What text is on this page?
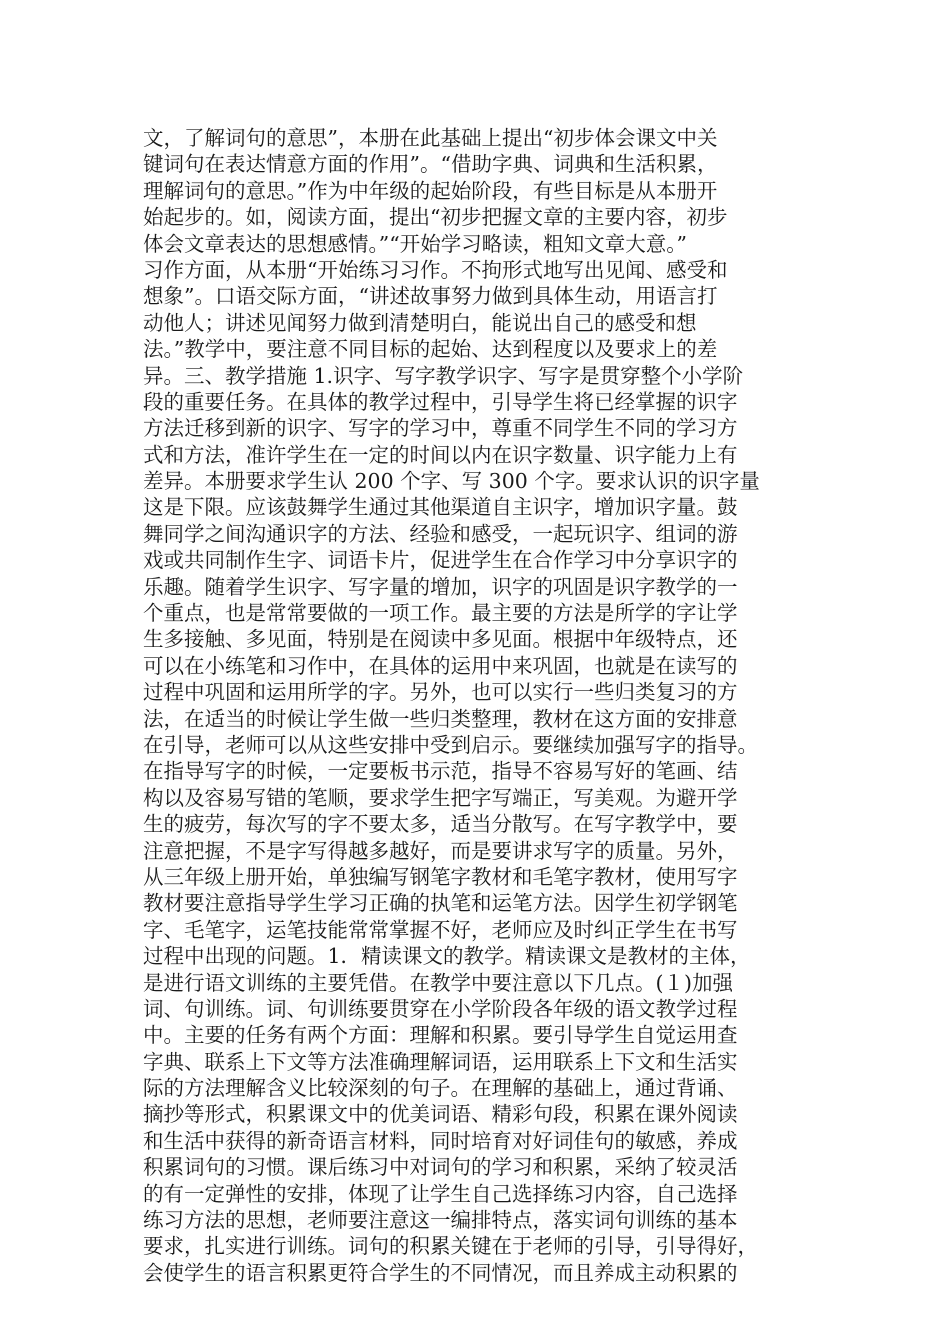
文，了解词句的意思”，本册在此基础上提出“初步体会课文中关
键词句在表达情意方面的作用”。“借助字典、词典和生活积累，
理解词句的意思。”作为中年级的起始阶段，有些目标是从本册开
始起步的。如，阅读方面，提出“初步把握文章的主要内容，初步
体会文章表达的思想感情。”“开始学习略读，粗知文章大意。”
习作方面，从本册“开始练习习作。不拘形式地写出见闻、感受和
想象”。口语交际方面，“讲述故事努力做到具体生动，用语言打
动他人；讲述见闻努力做到清楚明白，能说出自己的感受和想
法。”教学中，要注意不同目标的起始、达到程度以及要求上的差
异。三、教学措施 1.识字、写字教学识字、写字是贯穿整个小学阶
段的重要任务。在具体的教学过程中，引导学生将已经掌握的识字
方法迁移到新的识字、写字的学习中，尊重不同学生不同的学习方
式和方法，准许学生在一定的时间以内在识字数量、识字能力上有
差异。本册要求学生认 200 个字、写 300 个字。要求认识的识字量
这是下限。应该鼓舞学生通过其他渠道自主识字，增加识字量。鼓
舞同学之间沟通识字的方法、经验和感受，一起玩识字、组词的游
戏或共同制作生字、词语卡片，促进学生在合作学习中分享识字的
乐趣。随着学生识字、写字量的增加，识字的巩固是识字教学的一
个重点，也是常常要做的一项工作。最主要的方法是所学的字让学
生多接触、多见面，特别是在阅读中多见面。根据中年级特点，还
可以在小练笔和习作中，在具体的运用中来巩固，也就是在读写的
过程中巩固和运用所学的字。另外，也可以实行一些归类复习的方
法，在适当的时候让学生做一些归类整理，教材在这方面的安排意
在引导，老师可以从这些安排中受到启示。要继续加强写字的指导。
在指导写字的时候，一定要板书示范，指导不容易写好的笔画、结
构以及容易写错的笔顺，要求学生把字写端正，写美观。为避开学
生的疲劳，每次写的字不要太多，适当分散写。在写字教学中，要
注意把握，不是字写得越多越好，而是要讲求写字的质量。另外，
从三年级上册开始，单独编写钢笔字教材和毛笔字教材，使用写字
教材要注意指导学生学习正确的执笔和运笔方法。因学生初学钢笔
字、毛笔字，运笔技能常常掌握不好，老师应及时纠正学生在书写
过程中出现的问题。1．精读课文的教学。精读课文是教材的主体，
是进行语文训练的主要凭借。在教学中要注意以下几点。(１)加强
词、句训练。词、句训练要贯穿在小学阶段各年级的语文教学过程
中。主要的任务有两个方面：理解和积累。要引导学生自觉运用查
字典、联系上下文等方法准确理解词语，运用联系上下文和生活实
际的方法理解含义比较深刻的句子。在理解的基础上，通过背诵、
摘抄等形式，积累课文中的优美词语、精彩句段，积累在课外阅读
和生活中获得的新奇语言材料，同时培育对好词佳句的敏感，养成
积累词句的习惯。课后练习中对词句的学习和积累，采纳了较灵活
的有一定弹性的安排，体现了让学生自己选择练习内容，自己选择
练习方法的思想，老师要注意这一编排特点，落实词句训练的基本
要求，扎实进行训练。词句的积累关键在于老师的引导，引导得好，
会使学生的语言积累更符合学生的不同情况，而且养成主动积累的
